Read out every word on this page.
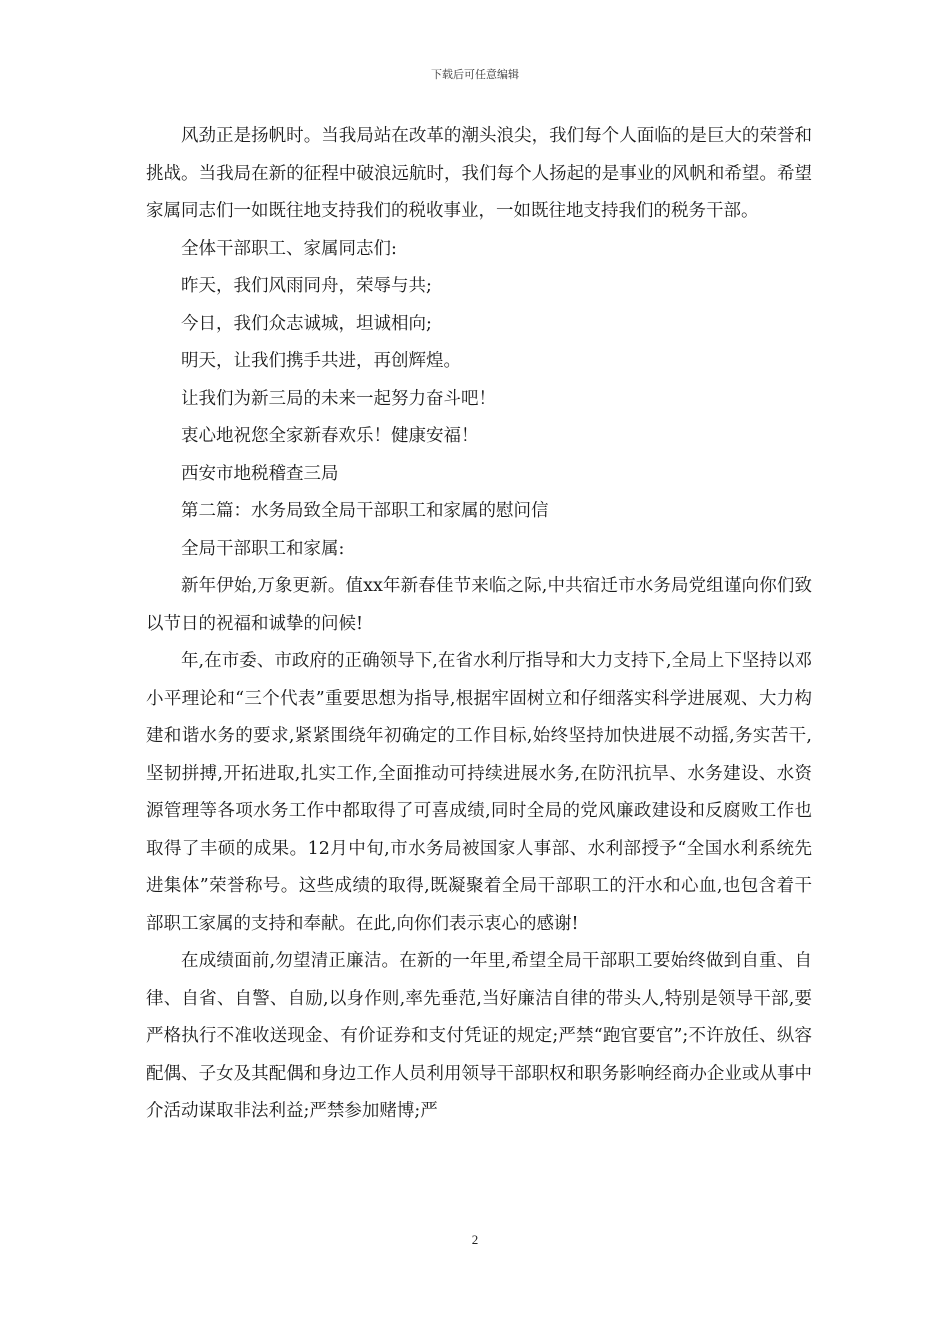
下载后可任意编辑

风劲正是扬帆时。当我局站在改革的潮头浪尖，我们每个人面临的是巨大的荣誉和挑战。当我局在新的征程中破浪远航时，我们每个人扬起的是事业的风帆和希望。希望家属同志们一如既往地支持我们的税收事业，一如既往地支持我们的税务干部。

全体干部职工、家属同志们:

昨天，我们风雨同舟，荣辱与共;

今日，我们众志诚城，坦诚相向;

明天，让我们携手共进，再创辉煌。

让我们为新三局的未来一起努力奋斗吧！

衷心地祝您全家新春欢乐！健康安福！

西安市地税稽查三局

第二篇：水务局致全局干部职工和家属的慰问信

全局干部职工和家属:

新年伊始,万象更新。值xx年新春佳节来临之际,中共宿迁市水务局党组谨向你们致以节日的祝福和诚挚的问候!

年,在市委、市政府的正确领导下,在省水利厅指导和大力支持下,全局上下坚持以邓小平理论和“三个代表”重要思想为指导,根据牢固树立和仔细落实科学进展观、大力构建和谐水务的要求,紧紧围绕年初确定的工作目标,始终坚持加快进展不动摇,务实苦干,坚韧拼搏,开拓进取,扎实工作,全面推动可持续进展水务,在防汛抗旱、水务建设、水资源管理等各项水务工作中都取得了可喜成绩,同时全局的党风廉政建设和反腐败工作也取得了丰硕的成果。12月中旬,市水务局被国家人事部、水利部授予“全国水利系统先进集体”荣誉称号。这些成绩的取得,既凝聚着全局干部职工的汗水和心血,也包含着干部职工家属的支持和奉献。在此,向你们表示衷心的感谢!

在成绩面前,勿望清正廉洁。在新的一年里,希望全局干部职工要始终做到自重、自律、自省、自警、自励,以身作则,率先垂范,当好廉洁自律的带头人,特别是领导干部,要严格执行不准收送现金、有价证券和支付凭证的规定;严禁“跑官要官”;不许放任、纵容配偶、子女及其配偶和身边工作人员利用领导干部职权和职务影响经商办企业或从事中介活动谋取非法利益;严禁参加赌博;严

2
